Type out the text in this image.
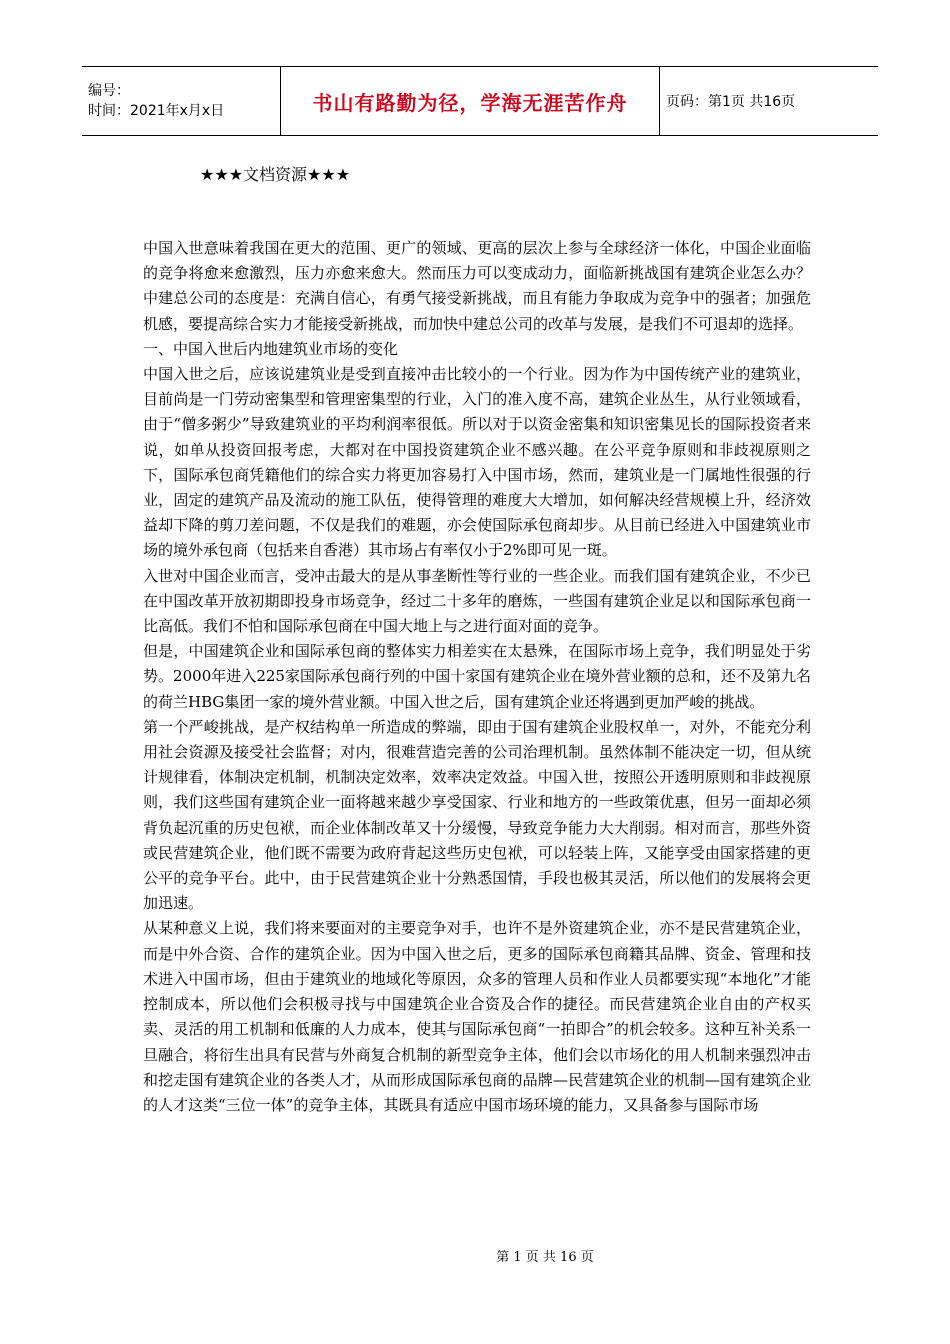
编号：
时间：2021年x月x日	书山有路勤为径，学海无涯苦作舟	页码：第1页 共16页
★★★文档资源★★★

中国入世意味着我国在更大的范围、更广的领域、更高的层次上参与全球经济一体化，中国企业面临的竞争将愈来愈激烈，压力亦愈来愈大。然而压力可以变成动力，面临新挑战国有建筑企业怎么办？中建总公司的态度是：充满自信心，有勇气接受新挑战，而且有能力争取成为竞争中的强者；加强危机感，要提高综合实力才能接受新挑战，而加快中建总公司的改革与发展，是我们不可退却的选择。

一、中国入世后内地建筑业市场的变化

中国入世之后，应该说建筑业是受到直接冲击比较小的一个行业。因为作为中国传统产业的建筑业，目前尚是一门劳动密集型和管理密集型的行业，入门的准入度不高，建筑企业丛生，从行业领域看，由于“僧多粥少”导致建筑业的平均利润率很低。所以对于以资金密集和知识密集见长的国际投资者来说，如单从投资回报考虑，大都对在中国投资建筑企业不感兴趣。在公平竞争原则和非歧视原则之下，国际承包商凭籍他们的综合实力将更加容易打入中国市场，然而，建筑业是一门属地性很强的行业，固定的建筑产品及流动的施工队伍，使得管理的难度大大增加，如何解决经营规模上升，经济效益却下降的剪刀差问题，不仅是我们的难题，亦会使国际承包商却步。从目前已经进入中国建筑业市场的境外承包商（包括来自香港）其市场占有率仅小于2%即可见一斑。

入世对中国企业而言，受冲击最大的是从事垄断性等行业的一些企业。而我们国有建筑企业，不少已在中国改革开放初期即投身市场竞争，经过二十多年的磨炼，一些国有建筑企业足以和国际承包商一比高低。我们不怕和国际承包商在中国大地上与之进行面对面的竞争。

但是，中国建筑企业和国际承包商的整体实力相差实在太悬殊，在国际市场上竞争，我们明显处于劣势。2000年进入225家国际承包商行列的中国十家国有建筑企业在境外营业额的总和，还不及第九名的荷兰HBG集团一家的境外营业额。中国入世之后，国有建筑企业还将遇到更加严峻的挑战。

第一个严峻挑战，是产权结构单一所造成的弊端，即由于国有建筑企业股权单一，对外，不能充分利用社会资源及接受社会监督；对内，很难营造完善的公司治理机制。虽然体制不能决定一切，但从统计规律看，体制决定机制，机制决定效率，效率决定效益。中国入世，按照公开透明原则和非歧视原则，我们这些国有建筑企业一面将越来越少享受国家、行业和地方的一些政策优惠，但另一面却必须背负起沉重的历史包袱，而企业体制改革又十分缓慢，导致竞争能力大大削弱。相对而言，那些外资或民营建筑企业，他们既不需要为政府背起这些历史包袱，可以轻装上阵，又能享受由国家搭建的更公平的竞争平台。此中，由于民营建筑企业十分熟悉国情，手段也极其灵活，所以他们的发展将会更加迅速。

从某种意义上说，我们将来要面对的主要竞争对手，也许不是外资建筑企业，亦不是民营建筑企业，而是中外合资、合作的建筑企业。因为中国入世之后，更多的国际承包商籍其品牌、资金、管理和技术进入中国市场，但由于建筑业的地域化等原因，众多的管理人员和作业人员都要实现“本地化”才能控制成本，所以他们会积极寻找与中国建筑企业合资及合作的捷径。而民营建筑企业自由的产权买卖、灵活的用工机制和低廉的人力成本，使其与国际承包商“一拍即合”的机会较多。这种互补关系一旦融合，将衍生出具有民营与外商复合机制的新型竞争主体，他们会以市场化的用人机制来强烈冲击和挖走国有建筑企业的各类人才，从而形成国际承包商的品牌—民营建筑企业的机制—国有建筑企业的人才这类“三位一体”的竞争主体，其既具有适应中国市场环境的能力，又具备参与国际市场

第 1 页 共 16 页
